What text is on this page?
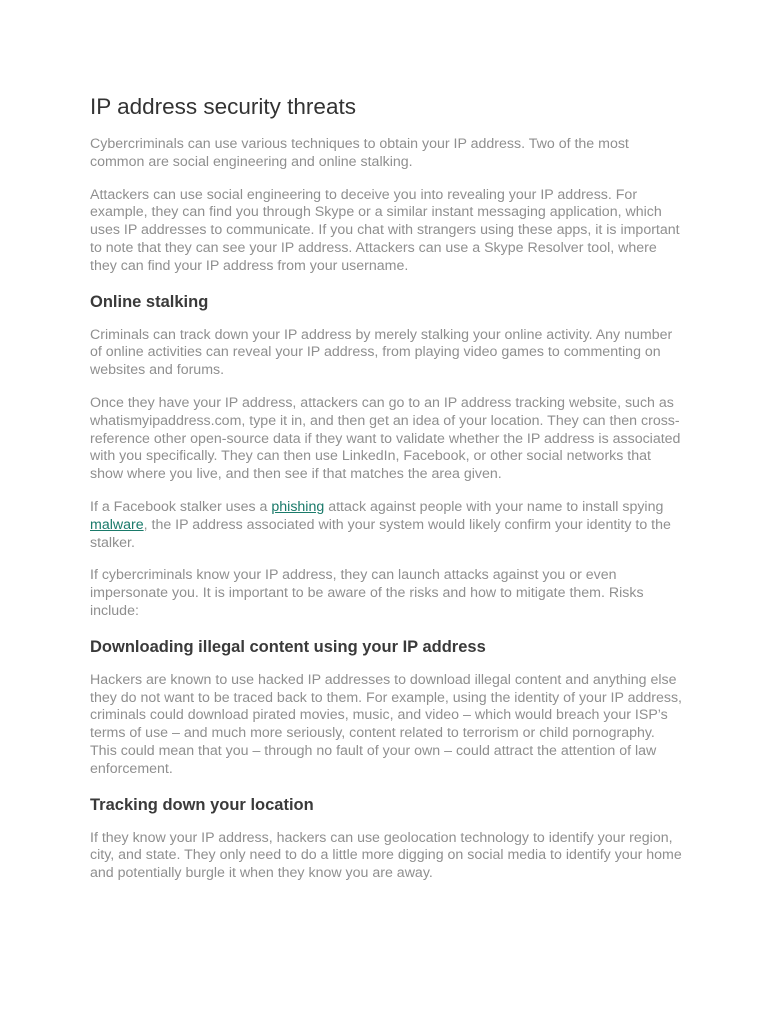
IP address security threats

Cybercriminals can use various techniques to obtain your IP address. Two of the most common are social engineering and online stalking.

Attackers can use social engineering to deceive you into revealing your IP address. For example, they can find you through Skype or a similar instant messaging application, which uses IP addresses to communicate. If you chat with strangers using these apps, it is important to note that they can see your IP address. Attackers can use a Skype Resolver tool, where they can find your IP address from your username.

Online stalking

Criminals can track down your IP address by merely stalking your online activity. Any number of online activities can reveal your IP address, from playing video games to commenting on websites and forums.

Once they have your IP address, attackers can go to an IP address tracking website, such as whatismyipaddress.com, type it in, and then get an idea of your location. They can then cross-reference other open-source data if they want to validate whether the IP address is associated with you specifically. They can then use LinkedIn, Facebook, or other social networks that show where you live, and then see if that matches the area given.

If a Facebook stalker uses a phishing attack against people with your name to install spying malware, the IP address associated with your system would likely confirm your identity to the stalker.

If cybercriminals know your IP address, they can launch attacks against you or even impersonate you. It is important to be aware of the risks and how to mitigate them. Risks include:

Downloading illegal content using your IP address

Hackers are known to use hacked IP addresses to download illegal content and anything else they do not want to be traced back to them. For example, using the identity of your IP address, criminals could download pirated movies, music, and video – which would breach your ISP’s terms of use – and much more seriously, content related to terrorism or child pornography. This could mean that you – through no fault of your own – could attract the attention of law enforcement.

Tracking down your location

If they know your IP address, hackers can use geolocation technology to identify your region, city, and state. They only need to do a little more digging on social media to identify your home and potentially burgle it when they know you are away.
